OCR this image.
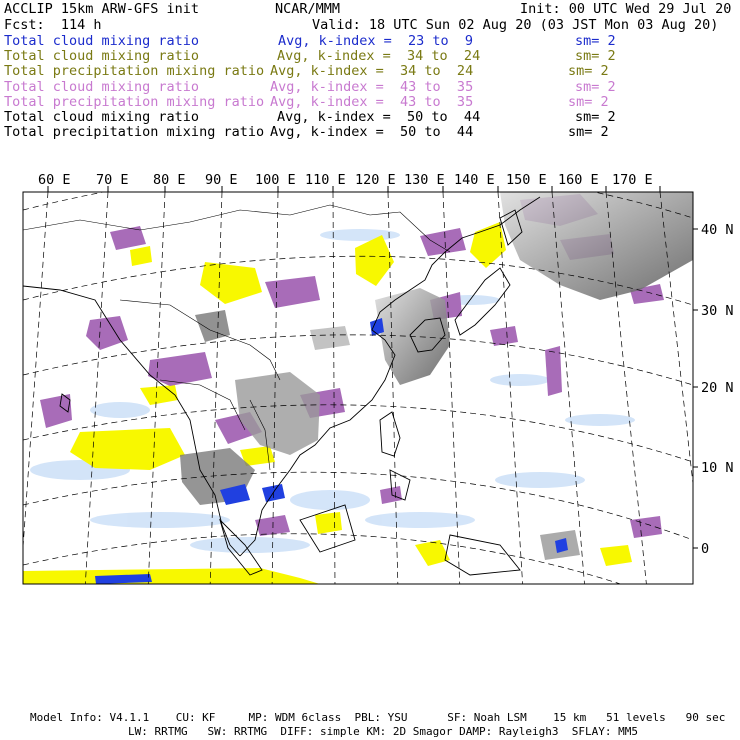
ACCLIP 15km ARW-GFS init	NCAR/MMM	Init: 00 UTC Wed 29 Jul 20
Fcst:  114 h	Valid: 18 UTC Sun 02 Aug 20 (03 JST Mon 03 Aug 20)
Total cloud mixing ratio	Avg, k-index =  23 to  9	sm= 2
Total cloud mixing ratio	Avg, k-index =  34 to  24	sm= 2
Total precipitation mixing ratio Avg, k-index =  34 to  24	sm= 2
Total cloud mixing ratio	Avg, k-index =  43 to  35	sm= 2
Total precipitation mixing ratio Avg, k-index =  43 to  35	sm= 2
Total cloud mixing ratio	Avg, k-index =  50 to  44	sm= 2
Total precipitation mixing ratio Avg, k-index =  50 to  44	sm= 2
60 E 70 E 80 E 90 E 100 E 110 E 120 E 130 E 140 E 150 E 160 E 170 E
40 N
30 N
20 N
10 N
0
Model Info: V4.1.1    CU: KF     MP: WDM 6class  PBL: YSU      SF: Noah LSM    15 km   51 levels   90 sec
LW: RRTMG   SW: RRTMG  DIFF: simple KM: 2D Smagor DAMP: Rayleigh3  SFLAY: MM5
